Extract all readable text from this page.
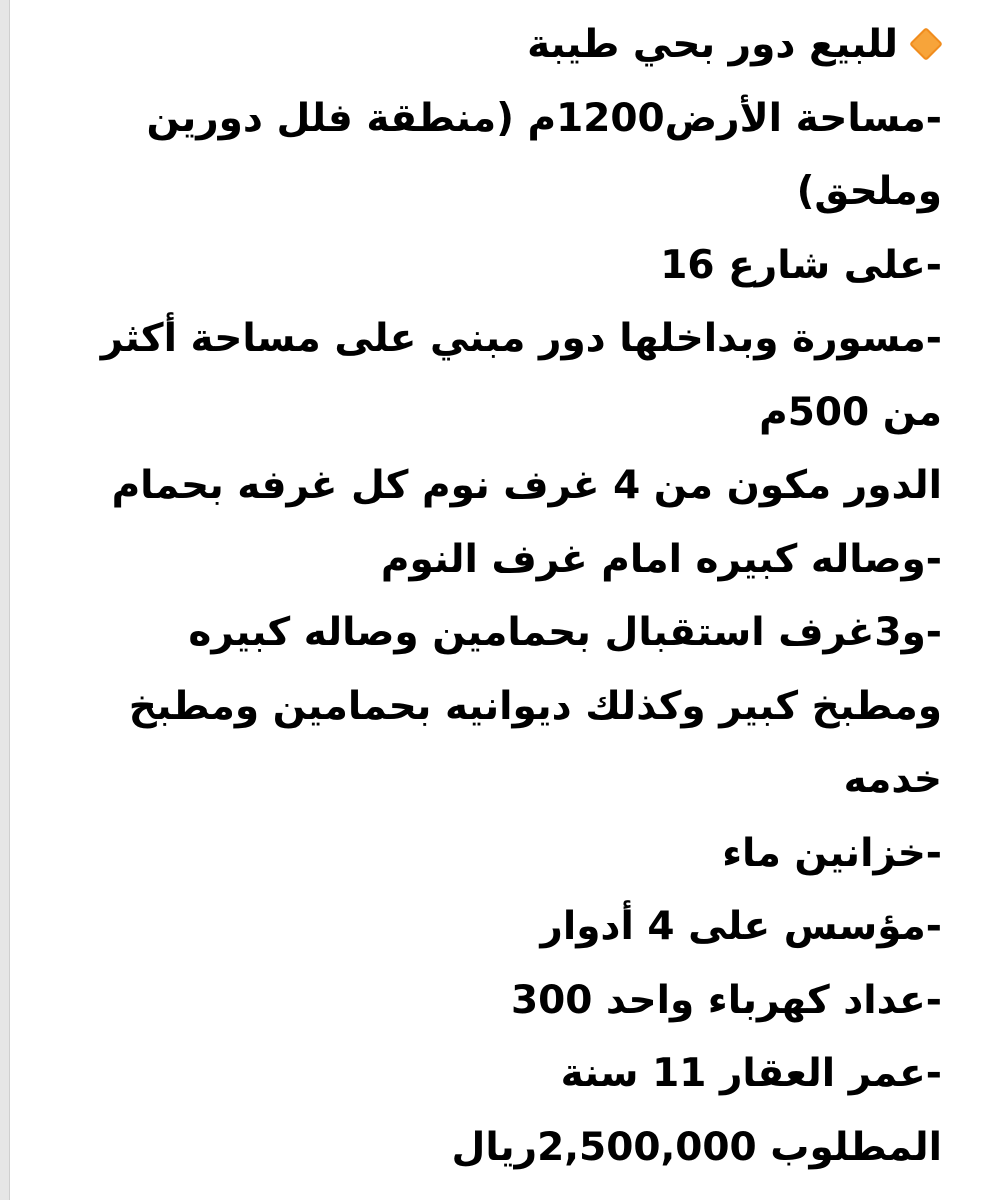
للبيع دور بحي طيبة
-مساحة الأرض1200م (منطقة فلل دورين وملحق)
-على شارع 16
-مسورة وبداخلها دور مبني على مساحة أكثر من 500م
الدور مكون من 4 غرف نوم كل غرفه بحمام
-وصاله كبيره امام غرف النوم
-و3غرف استقبال بحمامين وصاله كبيره ومطبخ كبير وكذلك ديوانيه بحمامين ومطبخ خدمه
-خزانين ماء
-مؤسس على 4 أدوار
-عداد كهرباء واحد 300
-عمر العقار 11 سنة
المطلوب 2,500,000ريال
